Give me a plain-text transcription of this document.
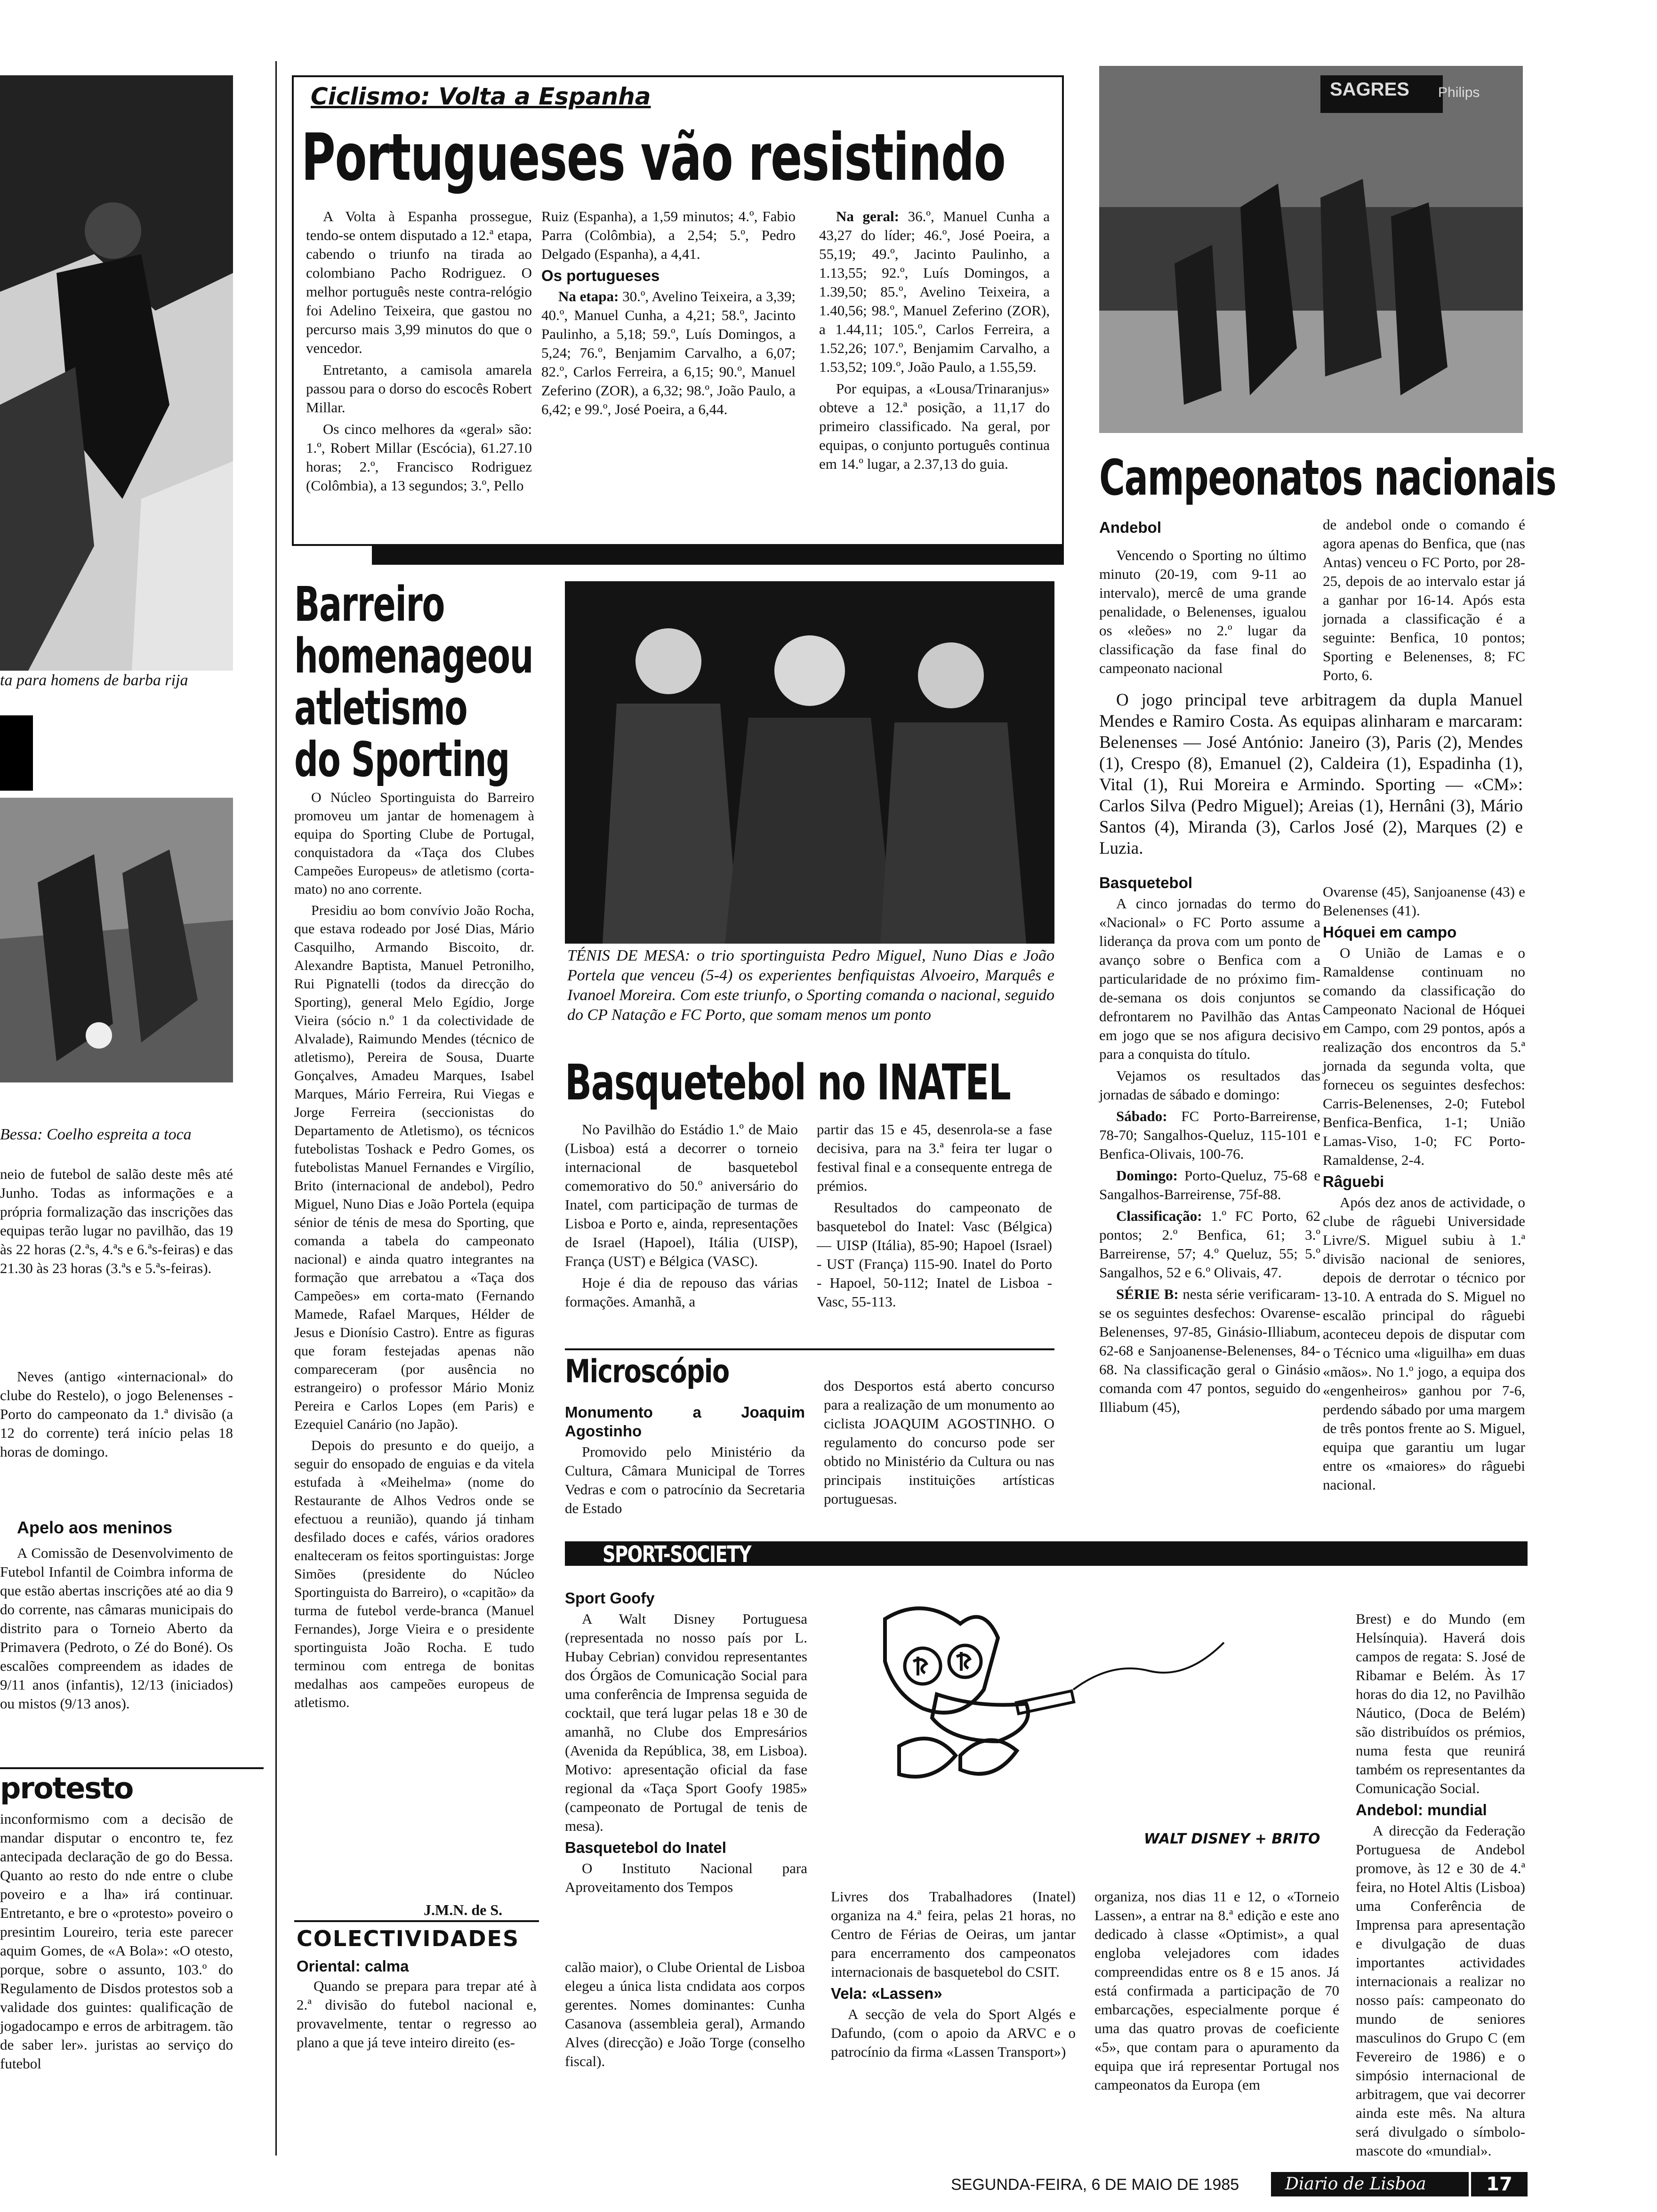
ta para homens de barba rija
Bessa: Coelho espreita a toca

neio de futebol de salão deste mês até Junho. Todas as informações e a própria formalização das inscrições das equipas terão lugar no pavilhão, das 19 às 22 horas (2.ªs, 4.ªs e 6.ªs-feiras) e das 21.30 às 23 horas (3.ªs e 5.ªs-feiras).

Neves (antigo «internacional» do clube do Restelo), o jogo Belenenses - Porto do campeonato da 1.ª divisão (a 12 do corrente) terá início pelas 18 horas de domingo.

Apelo aos meninos

A Comissão de Desenvolvimento de Futebol Infantil de Coimbra informa de que estão abertas inscrições até ao dia 9 do corrente, nas câmaras municipais do distrito para o Torneio Aberto da Primavera (Pedroto, o Zé do Boné). Os escalões compreendem as idades de 9/11 anos (infantis), 12/13 (iniciados) ou mistos (9/13 anos).

protesto

inconformismo com a decisão de mandar disputar o encontro te, fez antecipada declaração de go do Bessa. Quanto ao resto do nde entre o clube poveiro e a lha» irá continuar. Entretanto, e bre o «protesto» poveiro o presintim Loureiro, teria este parecer aquim Gomes, de «A Bola»: «O otesto, porque, sobre o assunto, 103.º do Regulamento de Disdos protestos sob a validade dos guintes: qualificação de jogadocampo e erros de arbitragem. tão de saber ler». juristas ao serviço do futebol

Ciclismo: Volta a Espanha
Portugueses vão resistindo

A Volta à Espanha prossegue, tendo-se ontem disputado a 12.ª etapa, cabendo o triunfo na tirada ao colombiano Pacho Rodriguez. O melhor português neste contra-relógio foi Adelino Teixeira, que gastou no percurso mais 3,99 minutos do que o vencedor.

Entretanto, a camisola amarela passou para o dorso do escocês Robert Millar.

Os cinco melhores da «geral» são: 1.º, Robert Millar (Escócia), 61.27.10 horas; 2.º, Francisco Rodriguez (Colômbia), a 13 segundos; 3.º, Pello

Ruiz (Espanha), a 1,59 minutos; 4.º, Fabio Parra (Colômbia), a 2,54; 5.º, Pedro Delgado (Espanha), a 4,41.

Os portugueses

Na etapa: 30.º, Avelino Teixeira, a 3,39; 40.º, Manuel Cunha, a 4,21; 58.º, Jacinto Paulinho, a 5,18; 59.º, Luís Domingos, a 5,24; 76.º, Benjamim Carvalho, a 6,07; 82.º, Carlos Ferreira, a 6,15; 90.º, Manuel Zeferino (ZOR), a 6,32; 98.º, João Paulo, a 6,42; e 99.º, José Poeira, a 6,44.

Na geral: 36.º, Manuel Cunha a 43,27 do líder; 46.º, José Poeira, a 55,19; 49.º, Jacinto Paulinho, a 1.13,55; 92.º, Luís Domingos, a 1.39,50; 85.º, Avelino Teixeira, a 1.40,56; 98.º, Manuel Zeferino (ZOR), a 1.44,11; 105.º, Carlos Ferreira, a 1.52,26; 107.º, Benjamim Carvalho, a 1.53,52; 109.º, João Paulo, a 1.55,59.

Por equipas, a «Lousa/Trinaranjus» obteve a 12.ª posição, a 11,17 do primeiro classificado. Na geral, por equipas, o conjunto português continua em 14.º lugar, a 2.37,13 do guia.

SAGRES Philips
Campeonatos nacionais
Andebol

Vencendo o Sporting no último minuto (20-19, com 9-11 ao intervalo), mercê de uma grande penalidade, o Belenenses, igualou os «leões» no 2.º lugar da classificação da fase final do campeonato nacional

de andebol onde o comando é agora apenas do Benfica, que (nas Antas) venceu o FC Porto, por 28-25, depois de ao intervalo estar já a ganhar por 16-14. Após esta jornada a classificação é a seguinte: Benfica, 10 pontos; Sporting e Belenenses, 8; FC Porto, 6.

O jogo principal teve arbitragem da dupla Manuel Mendes e Ramiro Costa. As equipas alinharam e marcaram: Belenenses — José António: Janeiro (3), Paris (2), Mendes (1), Crespo (8), Emanuel (2), Caldeira (1), Espadinha (1), Vital (1), Rui Moreira e Armindo. Sporting — «CM»: Carlos Silva (Pedro Miguel); Areias (1), Hernâni (3), Mário Santos (4), Miranda (3), Carlos José (2), Marques (2) e Luzia.

Basquetebol

A cinco jornadas do termo do «Nacional» o FC Porto assume a liderança da prova com um ponto de avanço sobre o Benfica com a particularidade de no próximo fim-de-semana os dois conjuntos se defrontarem no Pavilhão das Antas em jogo que se nos afigura decisivo para a conquista do título.

Vejamos os resultados das jornadas de sábado e domingo:

Sábado: FC Porto-Barreirense, 78-70; Sangalhos-Queluz, 115-101 e Benfica-Olivais, 100-76.

Domingo: Porto-Queluz, 75-68 e Sangalhos-Barreirense, 75f-88.

Classificação: 1.º FC Porto, 62 pontos; 2.º Benfica, 61; 3.º Barreirense, 57; 4.º Queluz, 55; 5.º Sangalhos, 52 e 6.º Olivais, 47.

SÉRIE B: nesta série verificaram-se os seguintes desfechos: Ovarense-Belenenses, 97-85, Ginásio-Illiabum, 62-68 e Sanjoanense-Belenenses, 84-68. Na classificação geral o Ginásio comanda com 47 pontos, seguido do Illiabum (45),

Ovarense (45), Sanjoanense (43) e Belenenses (41).

Hóquei em campo

O União de Lamas e o Ramaldense continuam no comando da classificação do Campeonato Nacional de Hóquei em Campo, com 29 pontos, após a realização dos encontros da 5.ª jornada da segunda volta, que forneceu os seguintes desfechos: Carris-Belenenses, 2-0; Futebol Benfica-Benfica, 1-1; União Lamas-Viso, 1-0; FC Porto-Ramaldense, 2-4.

Râguebi

Após dez anos de actividade, o clube de râguebi Universidade Livre/S. Miguel subiu à 1.ª divisão nacional de seniores, depois de derrotar o técnico por 13-10. A entrada do S. Miguel no escalão principal do râguebi aconteceu depois de disputar com o Técnico uma «liguilha» em duas «mãos». No 1.º jogo, a equipa dos «engenheiros» ganhou por 7-6, perdendo sábado por uma margem de três pontos frente ao S. Miguel, equipa que garantiu um lugar entre os «maiores» do râguebi nacional.

Barreiro
homenageou
atletismo
do Sporting

O Núcleo Sportinguista do Barreiro promoveu um jantar de homenagem à equipa do Sporting Clube de Portugal, conquistadora da «Taça dos Clubes Campeões Europeus» de atletismo (corta-mato) no ano corrente.

Presidiu ao bom convívio João Rocha, que estava rodeado por José Dias, Mário Casquilho, Armando Biscoito, dr. Alexandre Baptista, Manuel Petronilho, Rui Pignatelli (todos da direcção do Sporting), general Melo Egídio, Jorge Vieira (sócio n.º 1 da colectividade de Alvalade), Raimundo Mendes (técnico de atletismo), Pereira de Sousa, Duarte Gonçalves, Amadeu Marques, Isabel Marques, Mário Ferreira, Rui Viegas e Jorge Ferreira (seccionistas do Departamento de Atletismo), os técnicos futebolistas Toshack e Pedro Gomes, os futebolistas Manuel Fernandes e Virgílio, Brito (internacional de andebol), Pedro Miguel, Nuno Dias e João Portela (equipa sénior de ténis de mesa do Sporting, que comanda a tabela do campeonato nacional) e ainda quatro integrantes na formação que arrebatou a «Taça dos Campeões» em corta-mato (Fernando Mamede, Rafael Marques, Hélder de Jesus e Dionísio Castro). Entre as figuras que foram festejadas apenas não compareceram (por ausência no estrangeiro) o professor Mário Moniz Pereira e Carlos Lopes (em Paris) e Ezequiel Canário (no Japão).

Depois do presunto e do queijo, a seguir do ensopado de enguias e da vitela estufada à «Meihelma» (nome do Restaurante de Alhos Vedros onde se efectuou a reunião), quando já tinham desfilado doces e cafés, vários oradores enalteceram os feitos sportinguistas: Jorge Simões (presidente do Núcleo Sportinguista do Barreiro), o «capitão» da turma de futebol verde-branca (Manuel Fernandes), Jorge Vieira e o presidente sportinguista João Rocha. E tudo terminou com entrega de bonitas medalhas aos campeões europeus de atletismo.

J.M.N. de S.
TÉNIS DE MESA: o trio sportinguista Pedro Miguel, Nuno Dias e João Portela que venceu (5-4) os experientes benfiquistas Alvoeiro, Marquês e Ivanoel Moreira. Com este triunfo, o Sporting comanda o nacional, seguido do CP Natação e FC Porto, que somam menos um ponto
Basquetebol no INATEL

No Pavilhão do Estádio 1.º de Maio (Lisboa) está a decorrer o torneio internacional de basquetebol comemorativo do 50.º aniversário do Inatel, com participação de turmas de Lisboa e Porto e, ainda, representações de Israel (Hapoel), Itália (UISP), França (UST) e Bélgica (VASC).

Hoje é dia de repouso das várias formações. Amanhã, a

partir das 15 e 45, desenrola-se a fase decisiva, para na 3.ª feira ter lugar o festival final e a consequente entrega de prémios.

Resultados do campeonato de basquetebol do Inatel: Vasc (Bélgica) — UISP (Itália), 85-90; Hapoel (Israel) - UST (França) 115-90. Inatel do Porto - Hapoel, 50-112; Inatel de Lisboa - Vasc, 55-113.

Microscópio
Monumento a Joaquim Agostinho

Promovido pelo Ministério da Cultura, Câmara Municipal de Torres Vedras e com o patrocínio da Secretaria de Estado

dos Desportos está aberto concurso para a realização de um monumento ao ciclista JOAQUIM AGOSTINHO. O regulamento do concurso pode ser obtido no Ministério da Cultura ou nas principais instituições artísticas portuguesas.

SPORT-SOCIETY
Sport Goofy

A Walt Disney Portuguesa (representada no nosso país por L. Hubay Cebrian) convidou representantes dos Órgãos de Comunicação Social para uma conferência de Imprensa seguida de cocktail, que terá lugar pelas 18 e 30 de amanhã, no Clube dos Empresários (Avenida da República, 38, em Lisboa). Motivo: apresentação oficial da fase regional da «Taça Sport Goofy 1985» (campeonato de Portugal de tenis de mesa).

Basquetebol do Inatel

O Instituto Nacional para Aproveitamento dos Tempos

WALT DISNEY + BRITO

Brest) e do Mundo (em Helsínquia). Haverá dois campos de regata: S. José de Ribamar e Belém. Às 17 horas do dia 12, no Pavilhão Náutico, (Doca de Belém) são distribuídos os prémios, numa festa que reunirá também os representantes da Comunicação Social.

Andebol: mundial

A direcção da Federação Portuguesa de Andebol promove, às 12 e 30 de 4.ª feira, no Hotel Altis (Lisboa) uma Conferência de Imprensa para apresentação e divulgação de duas importantes actividades internacionais a realizar no nosso país: campeonato do mundo de seniores masculinos do Grupo C (em Fevereiro de 1986) e o simpósio internacional de arbitragem, que vai decorrer ainda este mês. Na altura será divulgado o símbolo-mascote do «mundial».

Livres dos Trabalhadores (Inatel) organiza na 4.ª feira, pelas 21 horas, no Centro de Férias de Oeiras, um jantar para encerramento dos campeonatos internacionais de basquetebol do CSIT.

Vela: «Lassen»

A secção de vela do Sport Algés e Dafundo, (com o apoio da ARVC e o patrocínio da firma «Lassen Transport»)

organiza, nos dias 11 e 12, o «Torneio Lassen», a entrar na 8.ª edição e este ano dedicado à classe «Optimist», a qual engloba velejadores com idades compreendidas entre os 8 e 15 anos. Já está confirmada a participação de 70 embarcações, especialmente porque é uma das quatro provas de coeficiente «5», que contam para o apuramento da equipa que irá representar Portugal nos campeonatos da Europa (em

COLECTIVIDADES
Oriental: calma

Quando se prepara para trepar até à 2.ª divisão do futebol nacional e, provavelmente, tentar o regresso ao plano a que já teve inteiro direito (es-

calão maior), o Clube Oriental de Lisboa elegeu a única lista cndidata aos corpos gerentes. Nomes dominantes: Cunha Casanova (assembleia geral), Armando Alves (direcção) e João Torge (conselho fiscal).

SEGUNDA-FEIRA, 6 DE MAIO DE 1985	Diario de Lisboa	17
